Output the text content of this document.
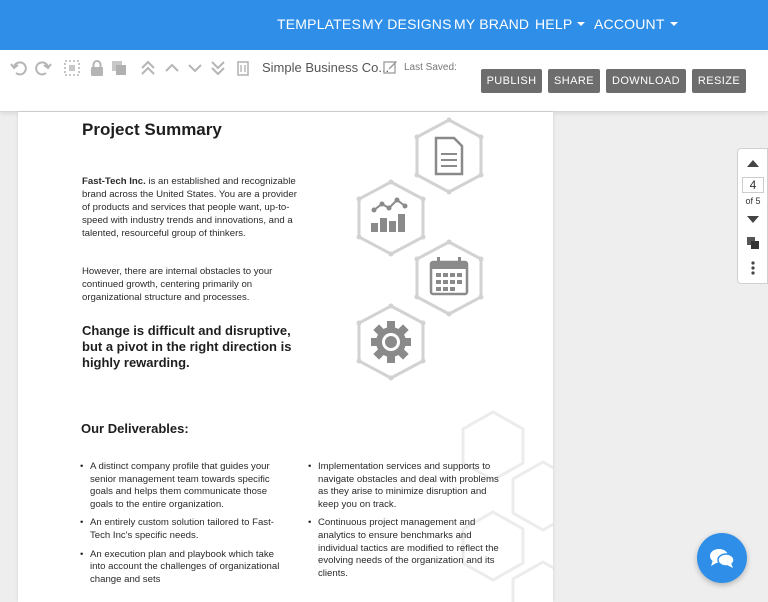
TEMPLATES MY DESIGNS MY BRAND HELP	ACCOUNT
Simple Business Co... Last Saved:
PUBLISH	SHARE	DOWNLOAD	RESIZE
Project Summary

Fast-Tech Inc. is an established and recognizable brand across the United States. You are a provider of products and services that people want, up-to-speed with industry trends and innovations, and a talented, resourceful group of thinkers.

However, there are internal obstacles to your continued growth, centering primarily on organizational structure and processes.

Change is difficult and disruptive, but a pivot in the right direction is highly rewarding.
Our Deliverables:
• A distinct company profile that guides your senior management team towards specific goals and helps them communicate those goals to the entire organization.
• An entirely custom solution tailored to Fast-Tech Inc's specific needs.
• An execution plan and playbook which take into account the challenges of organizational change and sets
• Implementation services and supports to navigate obstacles and deal with problems as they arise to minimize disruption and keep you on track.
• Continuous project management and analytics to ensure benchmarks and individual tactics are modified to reflect the evolving needs of the organization and its clients.
4
of 5
